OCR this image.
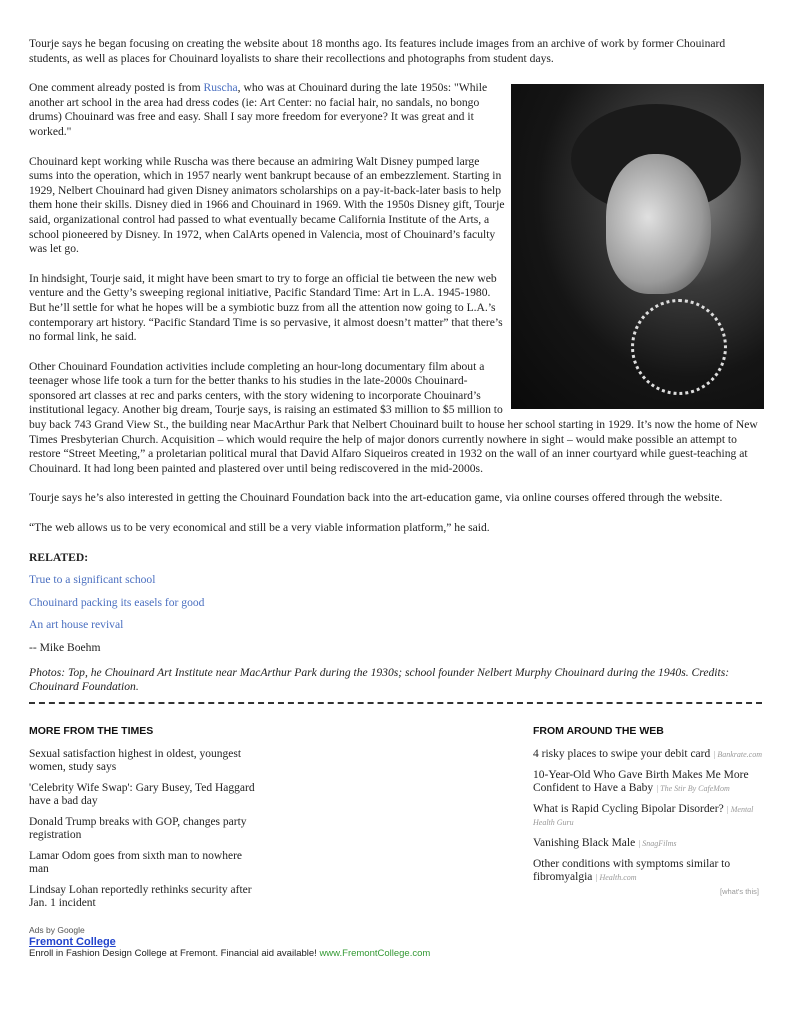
Tourje says he began focusing on creating the website about 18 months ago. Its features include images from an archive of work by former Chouinard students, as well as places for Chouinard loyalists to share their recollections and photographs from student days.

One comment already posted is from Ruscha, who was at Chouinard during the late 1950s: "While another art school in the area had dress codes (ie: Art Center: no facial hair, no sandals, no bongo drums) Chouinard was free and easy. Shall I say more freedom for everyone? It was great and it worked."

Chouinard kept working while Ruscha was there because an admiring Walt Disney pumped large sums into the operation, which in 1957 nearly went bankrupt because of an embezzlement. Starting in 1929, Nelbert Chouinard had given Disney animators scholarships on a pay-it-back-later basis to help them hone their skills. Disney died in 1966 and Chouinard in 1969. With the 1950s Disney gift, Tourje said, organizational control had passed to what eventually became California Institute of the Arts, a school pioneered by Disney. In 1972, when CalArts opened in Valencia, most of Chouinard’s faculty was let go.

In hindsight, Tourje said, it might have been smart to try to forge an official tie between the new web venture and the Getty’s sweeping regional initiative, Pacific Standard Time: Art in L.A. 1945-1980. But he’ll settle for what he hopes will be a symbiotic buzz from all the attention now going to L.A.’s contemporary art history. “Pacific Standard Time is so pervasive, it almost doesn’t matter” that there’s no formal link, he said.

Other Chouinard Foundation activities include completing an hour-long documentary film about a teenager whose life took a turn for the better thanks to his studies in the late-2000s Chouinard-sponsored art classes at rec and parks centers, with the story widening to incorporate Chouinard’s institutional legacy. Another big dream, Tourje says, is raising an estimated $3 million to $5 million to buy back 743 Grand View St., the building near MacArthur Park that Nelbert Chouinard built to house her school starting in 1929. It’s now the home of New Times Presbyterian Church. Acquisition – which would require the help of major donors currently nowhere in sight – would make possible an attempt to restore “Street Meeting,” a proletarian political mural that David Alfaro Siqueiros created in 1932 on the wall of an inner courtyard while guest-teaching at Chouinard. It had long been painted and plastered over until being rediscovered in the mid-2000s.

Tourje says he’s also interested in getting the Chouinard Foundation back into the art-education game, via online courses offered through the website.

“The web allows us to be very economical and still be a very viable information platform,” he said.

RELATED:
True to a significant school
Chouinard packing its easels for good
An art house revival

-- Mike Boehm

Photos: Top, he Chouinard Art Institute near MacArthur Park during the 1930s; school founder Nelbert Murphy Chouinard during the 1940s. Credits: Chouinard Foundation.

MORE FROM THE TIMES
Sexual satisfaction highest in oldest, youngest women, study says
'Celebrity Wife Swap': Gary Busey, Ted Haggard have a bad day
Donald Trump breaks with GOP, changes party registration
Lamar Odom goes from sixth man to nowhere man
Lindsay Lohan reportedly rethinks security after Jan. 1 incident
FROM AROUND THE WEB
4 risky places to swipe your debit card | Bankrate.com
10-Year-Old Who Gave Birth Makes Me More Confident to Have a Baby | The Stir By CafeMom
What is Rapid Cycling Bipolar Disorder? | Mental Health Guru
Vanishing Black Male | SnagFilms
Other conditions with symptoms similar to fibromyalgia | Health.com
[what's this]
Ads by Google
Fremont College
Enroll in Fashion Design College at Fremont. Financial aid available! www.FremontCollege.com
